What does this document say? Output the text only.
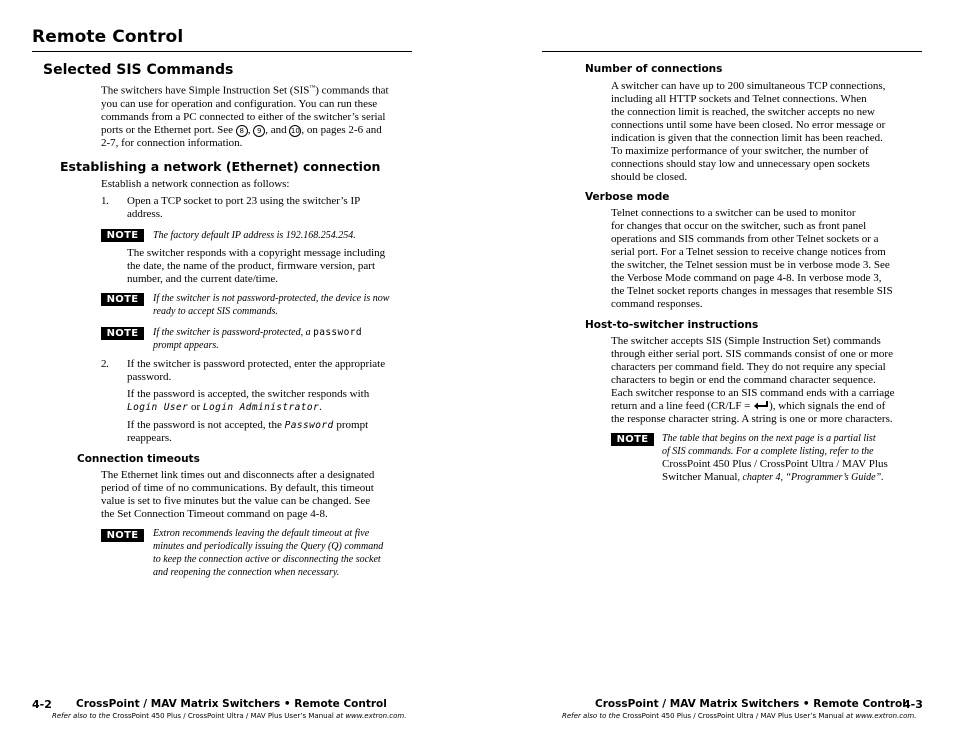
Remote Control
Selected SIS Commands
The switchers have Simple Instruction Set (SIS™) commands that
you can use for operation and configuration. You can run these
commands from a PC connected to either of the switcher’s serial
ports or the Ethernet port. See 8 , 9 , and 10 , on pages 2-6 and
2-7, for connection information.
Establishing a network (Ethernet) connection
Establish a network connection as follows:
1 . Open a TCP socket to port 23 using the switcher’s IP
address.
NOTE	The factory default IP address is 192.168.254.254.
The switcher responds with a copyright message including
the date, the name of the product, firmware version, part
number, and the current date/time.
NOTE	If the switcher is not password-protected, the device is now
ready to accept SIS commands.
NOTE	If the switcher is password-protected, a password
prompt appears.
2 . If the switcher is password protected, enter the appropriate
password.
If the password is accepted, the switcher responds with
Login User or Login Administrator.
If the password is not accepted, the Password prompt
reappears.
Connection timeouts
The Ethernet link times out and disconnects after a designated
period of time of no communications. By default, this timeout
value is set to five minutes but the value can be changed. See
the Set Connection Timeout command on page 4-8.
NOTE	Extron recommends leaving the default timeout at five
minutes and periodically issuing the Query (Q) command
to keep the connection active or disconnecting the socket
and reopening the connection when necessary.
4-2 CrossPoint / MAV Matrix Switchers • Remote Control
Refer also to the CrossPoint 450 Plus / CrossPoint Ultra / MAV Plus User’s Manual at www.extron.com.
Number of connections
A switcher can have up to 200 simultaneous TCP connections,
including all HTTP sockets and Telnet connections. When
the connection limit is reached, the switcher accepts no new
connections until some have been closed. No error message or
indication is given that the connection limit has been reached.
To maximize performance of your switcher, the number of
connections should stay low and unnecessary open sockets
should be closed.
Verbose mode
Telnet connections to a switcher can be used to monitor
for changes that occur on the switcher, such as front panel
operations and SIS commands from other Telnet sockets or a
serial port. For a Telnet session to receive change notices from
the switcher, the Telnet session must be in verbose mode 3. See
the Verbose Mode command on page 4-8. In verbose mode 3,
the Telnet socket reports changes in messages that resemble SIS
command responses.
Host-to-switcher instructions
The switcher accepts SIS (Simple Instruction Set) commands
through either serial port. SIS commands consist of one or more
characters per command field. They do not require any special
characters to begin or end the command character sequence.
Each switcher response to an SIS command ends with a carriage
return and a line feed (CR/LF = ), which signals the end of
the response character string. A string is one or more characters.
NOTE	The table that begins on the next page is a partial list
of SIS commands. For a complete listing, refer to the
CrossPoint 450 Plus / CrossPoint Ultra / MAV Plus
Switcher Manual, chapter 4, “Programmer’s Guide”.
CrossPoint / MAV Matrix Switchers • Remote Control
4-3
Refer also to the CrossPoint 450 Plus / CrossPoint Ultra / MAV Plus User’s Manual at www.extron.com.
